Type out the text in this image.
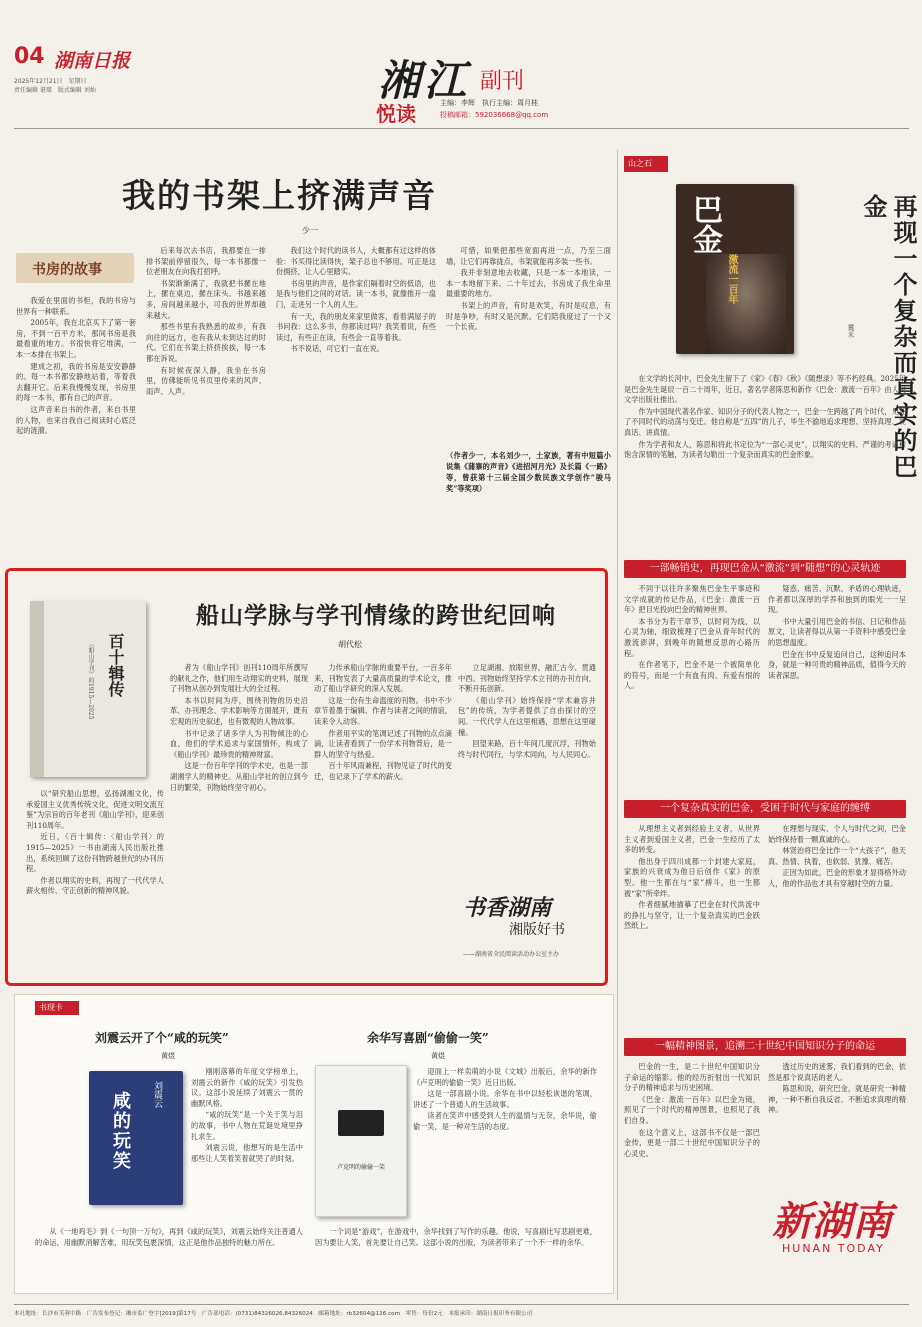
04 湖南日报
2025年12月21日　星期日
责任编辑 谌璨　版式编辑 刘灿	湘江 副刊
悦读	主编：李辉　执行主编：周月桂
投稿邮箱：592036668@qq.com
我的书架上挤满声音
少一
书房的故事

我爱在里面的书柜，我的书房与世界有一种联系。

2005年，我在北京买下了第一套房，不到一百平方米，那间书房是我最看重的地方。书很快将它堆满，一本一本排在书架上。

建成之初，我的书房是安安静静的。每一本书都安静地站着，等着我去翻开它。后来我慢慢发现，书房里的每一本书，都有自己的声音。

这声音来自书的作者，来自书里的人物，也来自我自己阅读时心底泛起的涟漪。

后来每次去书店，我都要在一排排书架前停留很久，每一本书都像一位老朋友在向我打招呼。

书架渐渐满了，我就把书摞在地上，摞在桌边，摞在床头。书越来越多，房间越来越小，可我的世界却越来越大。

那些书里有我熟悉的故乡，有我向往的远方，也有我从未到达过的时代。它们在书架上挤挤挨挨，每一本都在诉说。

有时候夜深人静，我坐在书房里，仿佛能听见书页里传来的风声、雨声、人声。

我们这个时代的读书人，大概都有过这样的体验：书买得比读得快，架子总也不够用。可正是这份拥挤，让人心里踏实。

书房里的声音，是作家们隔着时空的低语，也是我与他们之间的对话。读一本书，就像推开一扇门，走进另一个人的人生。

有一天，我的朋友来家里做客，看着满屋子的书问我：这么多书，你都读过吗？我笑着说，有些读过，有些正在读，有些会一直等着我。

书不说话，可它们一直在说。

可惜，如果把那些宽面再进一点，乃至三面墙，让它们再靠拢点，书架就能再多装一些书。

我并非刻意地去收藏，只是一本一本地读，一本一本地留下来。二十年过去，书房成了我生命里最重要的地方。

书架上的声音，有时是欢笑，有时是叹息，有时是争吵，有时又是沉默。它们陪我度过了一个又一个长夜。

（作者少一，本名刘少一，土家族，著有中短篇小说集《蒲寨的声音》《进招河月光》及长篇《一路》等，曾获第十三届全国少数民族文学创作“骏马奖”等奖项）
山之石
巴金
激流一百年	再现一个复杂而真实的巴金
冀禾

在文学的长河中，巴金先生留下了《家》《春》《秋》《随想录》等不朽经典。2025年是巴金先生诞辰一百二十周年，近日，著名学者陈思和新作《巴金：激流一百年》由人民文学出版社推出。

作为中国现代著名作家、知识分子的代表人物之一，巴金一生跨越了两个时代，见证了不同时代的动荡与变迁。他自称是“五四”的儿子，毕生不渝地追求理想、坚持真理、说真话、讲真情。

作为学者和友人，陈思和将此书定位为“一部心灵史”，以翔实的史料、严谨的考证和饱含深情的笔触，为读者勾勒出一个复杂而真实的巴金形象。

一部畅销史，再现巴金从“激流”到“随想”的心灵轨迹

不同于以往许多聚焦巴金生平事迹和文学成就的传记作品，《巴金：激流一百年》把目光投向巴金的精神世界。

本书分为若干章节，以时间为线，以心灵为轴，细致梳理了巴金从青年时代的激流澎湃，到晚年的随想反思的心路历程。

在作者笔下，巴金不是一个被简单化的符号，而是一个有血有肉、有爱有恨的人。

疑惑、痛苦、沉默、矛盾的心理轨迹，作者都以深厚的学养和独到的眼光一一呈现。

书中大量引用巴金的书信、日记和作品原文，让读者得以从第一手资料中感受巴金的思想温度。

巴金在书中反复追问自己，这种追问本身，就是一种可贵的精神品质，值得今天的读者深思。

一个复杂真实的巴金，受困于时代与家庭的缠缚

从理想主义者到经验主义者，从世界主义者到爱国主义者，巴金一生经历了太多的转变。

他出身于四川成都一个封建大家庭，家族的兴衰成为他日后创作《家》的原型。他一生都在与“家”搏斗，也一生都被“家”所牵绊。

作者细腻地描摹了巴金在时代洪流中的挣扎与坚守，让一个复杂真实的巴金跃然纸上。

在理想与现实、个人与时代之间，巴金始终保持着一颗真诚的心。

林贤治将巴金比作一个“大孩子”，他天真、热情、执着，也软弱、犹豫、痛苦。

正因为如此，巴金的形象才显得格外动人，他的作品也才具有穿越时空的力量。

一幅精神图景，追溯二十世纪中国知识分子的命运

巴金的一生，是二十世纪中国知识分子命运的缩影。他的经历折射出一代知识分子的精神追求与历史困境。

《巴金：激流一百年》以巴金为镜，照见了一个时代的精神图景，也照见了我们自身。

在这个意义上，这部书不仅是一部巴金传，更是一部二十世纪中国知识分子的心灵史。

透过历史的迷雾，我们看到的巴金，依然是那个说真话的老人。

陈思和说，研究巴金，就是研究一种精神，一种不断自我反省、不断追求真理的精神。

新湖南
HUNAN TODAY
船山学脉与学刊情缘的跨世纪回响
胡代松
百十辑传
《船山学刊》的1915—2025

以“研究船山思想，弘扬湖湘文化，传承爱国主义优秀传统文化，促进文明交流互鉴”为宗旨的百年老刊《船山学刊》，迎来创刊110周年。

近日，《百十辑传：〈船山学刊〉的1915—2025》一书由湖南人民出版社推出，系统回顾了这份刊物跨越世纪的办刊历程。

作者以翔实的史料，再现了一代代学人薪火相传、守正创新的精神风貌。

者为《船山学刊》创刊110周年所撰写的献礼之作，他们用生动翔实的史料，展现了刊物从创办到发展壮大的全过程。

本书以时间为序，围绕刊物的历史沿革、办刊理念、学术影响等方面展开，既有宏观的历史叙述，也有微观的人物故事。

书中记录了诸多学人为刊物倾注的心血，他们的学术追求与家国情怀，构成了《船山学刊》最珍贵的精神财富。

这是一份百年学刊的学术史，也是一部湖湘学人的精神史。从船山学社的创立到今日的繁荣，刊物始终坚守初心。

力传承船山学脉的重要平台，一百多年来，刊物发表了大量高质量的学术论文，推动了船山学研究的深入发展。

这是一份有生命温度的刊物。书中不少章节着墨于编辑、作者与读者之间的情谊，读来令人动容。

作者用平实的笔调记述了刊物的点点滴滴，让读者看到了一份学术刊物背后，是一群人的坚守与热爱。

百十年风雨兼程，刊物见证了时代的变迁，也记录下了学术的薪火。

立足湖湘、放眼世界，融汇古今、贯通中西。刊物始终坚持学术立刊的办刊方向，不断开拓创新。

《船山学刊》始终保持“学术兼容并包”的传统，为学者提供了自由探讨的空间。一代代学人在这里相遇，思想在这里碰撞。

回望来路，百十年间几度沉浮，刊物始终与时代同行，与学术同向，与人民同心。

书香湖南
湘版好书
——湖南省全民阅读活动办公室主办
书现卡
刘震云开了个“咸的玩笑”
黄煜
刘震云
咸的玩笑

刚刚落幕的年度文学榜单上，刘震云的新作《咸的玩笑》引发热议。这部小说延续了刘震云一贯的幽默风格。

“咸的玩笑”是一个关于笑与泪的故事，书中人物在荒诞处境里挣扎求生。

刘震云说，他想写的是生活中那些让人笑着笑着就哭了的时刻。

从《一地鸡毛》到《一句顶一万句》，再到《咸的玩笑》，刘震云始终关注普通人的命运，用幽默消解苦难，用玩笑包裹深情，这正是他作品独特的魅力所在。

余华写喜剧“偷偷一笑”
黄煜
卢克明的偷偷一笑

迎面上一样卖萌的小说《文城》出版后，余华的新作《卢克明的偷偷一笑》近日出版。

这是一部喜剧小说。余华在书中以轻松诙谐的笔调，讲述了一个普通人的生活故事。

读者在笑声中感受到人生的温情与无奈，余华说，偷偷一笑，是一种对生活的态度。

一个词是“游戏”，在游戏中，余华找到了写作的乐趣。他说，写喜剧比写悲剧更难，因为要让人笑，首先要让自己笑。这部小说的出版，为读者带来了一个不一样的余华。

本社地址：长沙市芙蓉中路　广告发布登记：湘市监广登字[2019]第17号　广告部电话：(0731)84326026,84326024　邮箱地址：rb32604@126.com　零售：每份2元　本报承印：湖南日报印务有限公司
